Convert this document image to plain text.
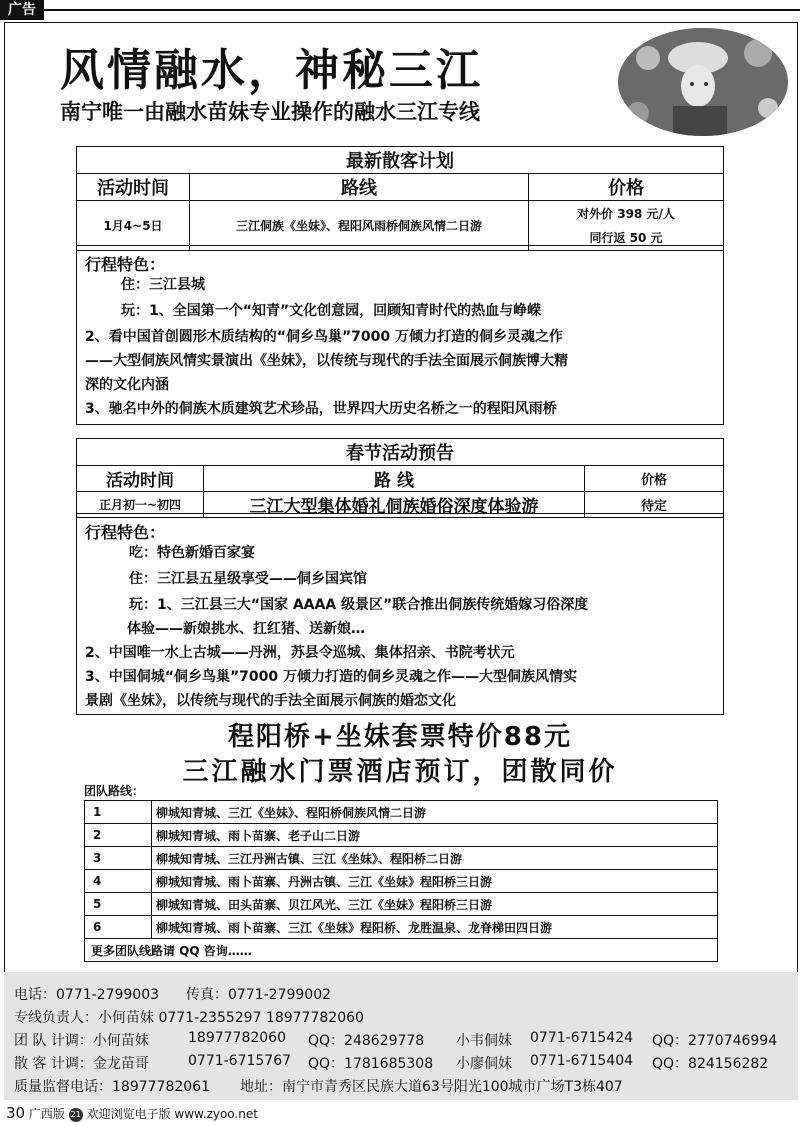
广告
风情融水，神秘三江
南宁唯一由融水苗妹专业操作的融水三江专线
最新散客计划		
活动时间	路线	价格
1月4~5日	三江侗族《坐妹》、程阳风雨桥侗族风情二日游	对外价 398 元/人
同行返 50 元
行程特色：
住：三江县城
玩：1、全国第一个“知青”文化创意园，回顾知青时代的热血与峥嵘
2、看中国首创圆形木质结构的“侗乡鸟巢”7000 万倾力打造的侗乡灵魂之作
——大型侗族风情实景演出《坐妹》，以传统与现代的手法全面展示侗族博大精
深的文化内涵
3、驰名中外的侗族木质建筑艺术珍品，世界四大历史名桥之一的程阳风雨桥
春节活动预告		
活动时间	路 线	价格
正月初一~初四	三江大型集体婚礼侗族婚俗深度体验游	待定
行程特色：
吃：特色新婚百家宴
住：三江县五星级享受——侗乡国宾馆
玩：1、三江县三大“国家 AAAA 级景区”联合推出侗族传统婚嫁习俗深度
体验——新娘挑水、扛红猪、送新娘…
2、中国唯一水上古城——丹洲，苏县令巡城、集体招亲、书院考状元
3、中国侗城“侗乡鸟巢”7000 万倾力打造的侗乡灵魂之作——大型侗族风情实
景剧《坐妹》，以传统与现代的手法全面展示侗族的婚恋文化
程阳桥+坐妹套票特价88元
三江融水门票酒店预订，团散同价
团队路线：
1	柳城知青城、三江《坐妹》、程阳桥侗族风情二日游
2	柳城知青城、雨卜苗寨、老子山二日游
3	柳城知青城、三江丹洲古镇、三江《坐妹》、程阳桥二日游
4	柳城知青城、雨卜苗寨、丹洲古镇、三江《坐妹》程阳桥三日游
5	柳城知青城、田头苗寨、贝江风光、三江《坐妹》程阳桥三日游
6	柳城知青城、雨卜苗寨、三江《坐妹》程阳桥、龙胜温泉、龙脊梯田四日游
更多团队线路请 QQ 咨询……	
电话：0771-2799003 传真：0771-2799002
专线负责人：小何苗妹 0771-2355297 18977782060
团 队 计调：小何苗妹	18977782060 QQ：248629778 小韦侗妹 0771-6715424 QQ：2770746994
散 客 计调：金龙苗哥	0771-6715767 QQ：1781685308 小廖侗妹 0771-6715404 QQ：824156282
质量监督电话：18977782061 地址：南宁市青秀区民族大道63号阳光100城市广场T3栋407
30 广西版 21 欢迎浏览电子版 www.zyoo.net
